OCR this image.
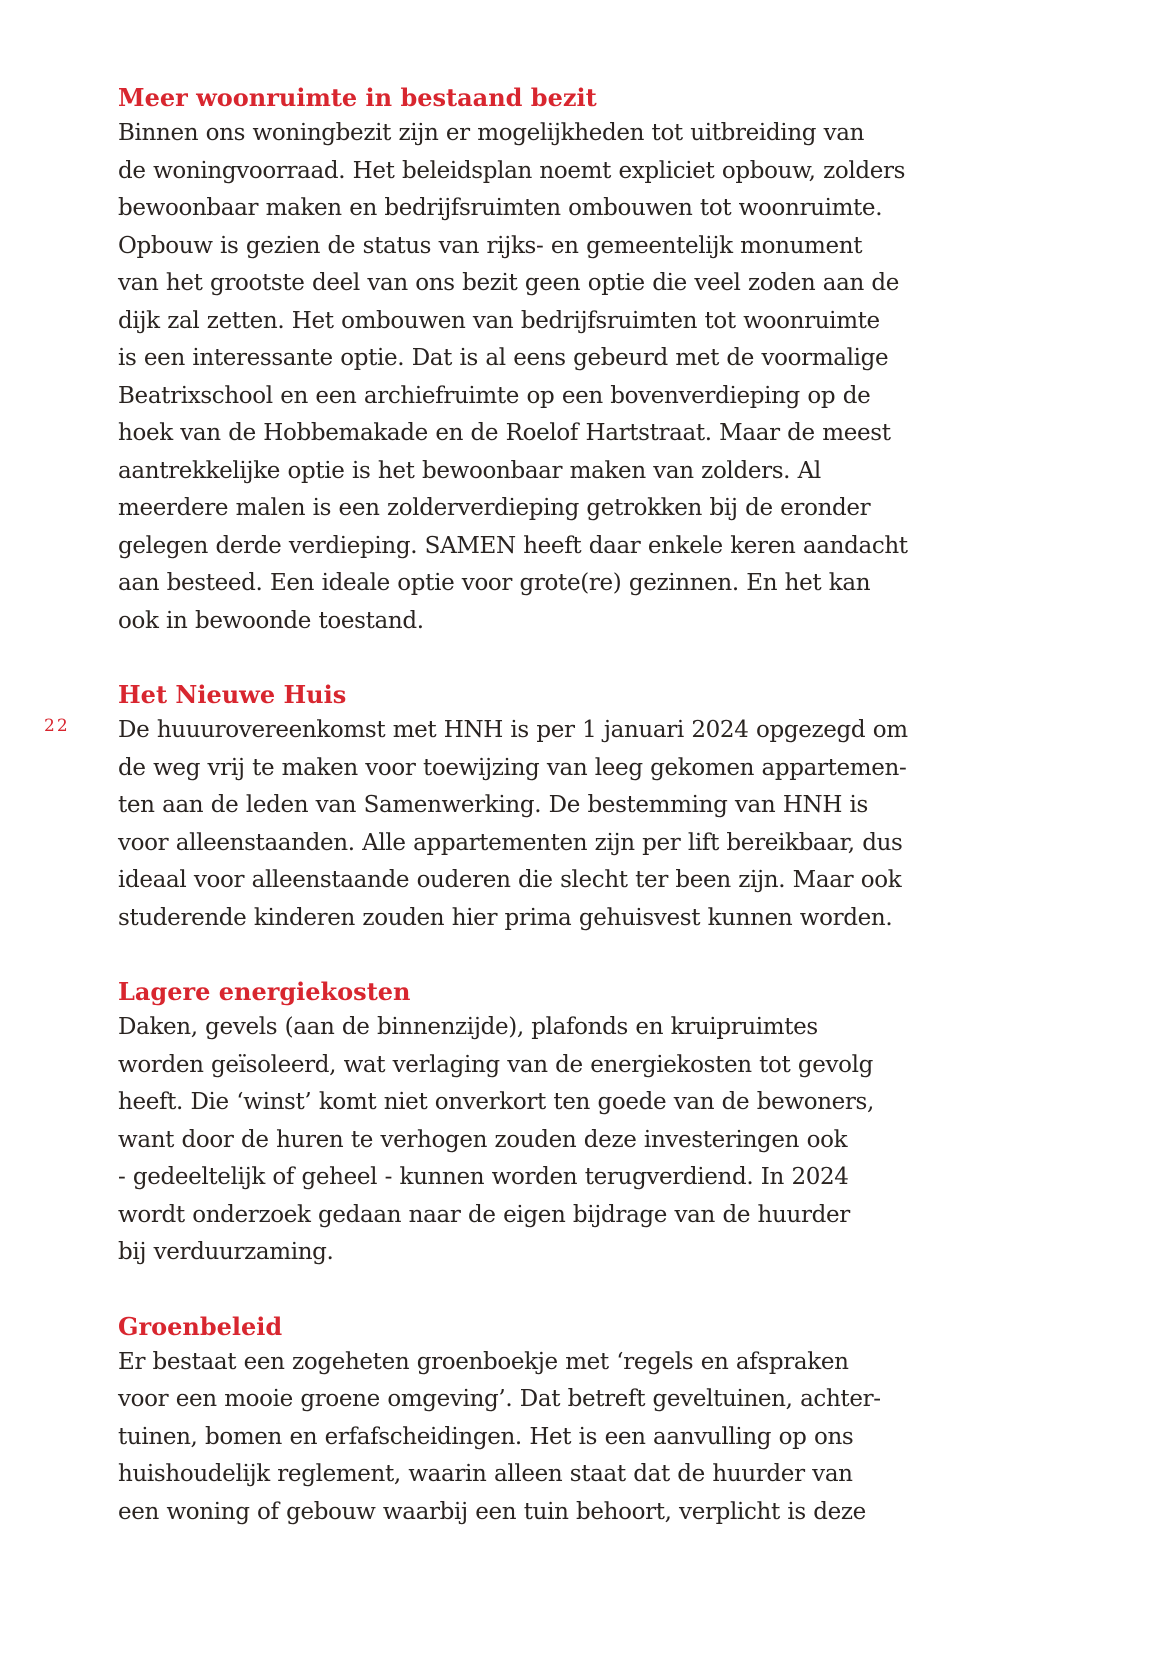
22
Meer woonruimte in bestaand bezit

Binnen ons woningbezit zijn er mogelijkheden tot uitbreiding van
de woningvoorraad. Het beleidsplan noemt expliciet opbouw, zolders
bewoonbaar maken en bedrijfsruimten ombouwen tot woonruimte.
Opbouw is gezien de status van rijks- en gemeentelijk monument
van het grootste deel van ons bezit geen optie die veel zoden aan de
dijk zal zetten. Het ombouwen van bedrijfsruimten tot woonruimte
is een interessante optie. Dat is al eens gebeurd met de voormalige
Beatrixschool en een archiefruimte op een bovenverdieping op de
hoek van de Hobbemakade en de Roelof Hartstraat. Maar de meest
aantrekkelijke optie is het bewoonbaar maken van zolders. Al
meerdere malen is een zolderverdieping getrokken bij de eronder
gelegen derde verdieping. SAMEN heeft daar enkele keren aandacht
aan besteed. Een ideale optie voor grote(re) gezinnen. En het kan
ook in bewoonde toestand.

Het Nieuwe Huis

De huuurovereenkomst met HNH is per 1 januari 2024 opgezegd om
de weg vrij te maken voor toewijzing van leeg gekomen appartemen-
ten aan de leden van Samenwerking. De bestemming van HNH is
voor alleenstaanden. Alle appartementen zijn per lift bereikbaar, dus
ideaal voor alleenstaande ouderen die slecht ter been zijn. Maar ook
studerende kinderen zouden hier prima gehuisvest kunnen worden.

Lagere energiekosten

Daken, gevels (aan de binnenzijde), plafonds en kruipruimtes
worden geïsoleerd, wat verlaging van de energiekosten tot gevolg
heeft. Die ‘winst’ komt niet onverkort ten goede van de bewoners,
want door de huren te verhogen zouden deze investeringen ook
- gedeeltelijk of geheel - kunnen worden terugverdiend. In 2024
wordt onderzoek gedaan naar de eigen bijdrage van de huurder
bij verduurzaming.

Groenbeleid

Er bestaat een zogeheten groenboekje met ‘regels en afspraken
voor een mooie groene omgeving’. Dat betreft geveltuinen, achter-
tuinen, bomen en erfafscheidingen. Het is een aanvulling op ons
huishoudelijk reglement, waarin alleen staat dat de huurder van
een woning of gebouw waarbij een tuin behoort, verplicht is deze
